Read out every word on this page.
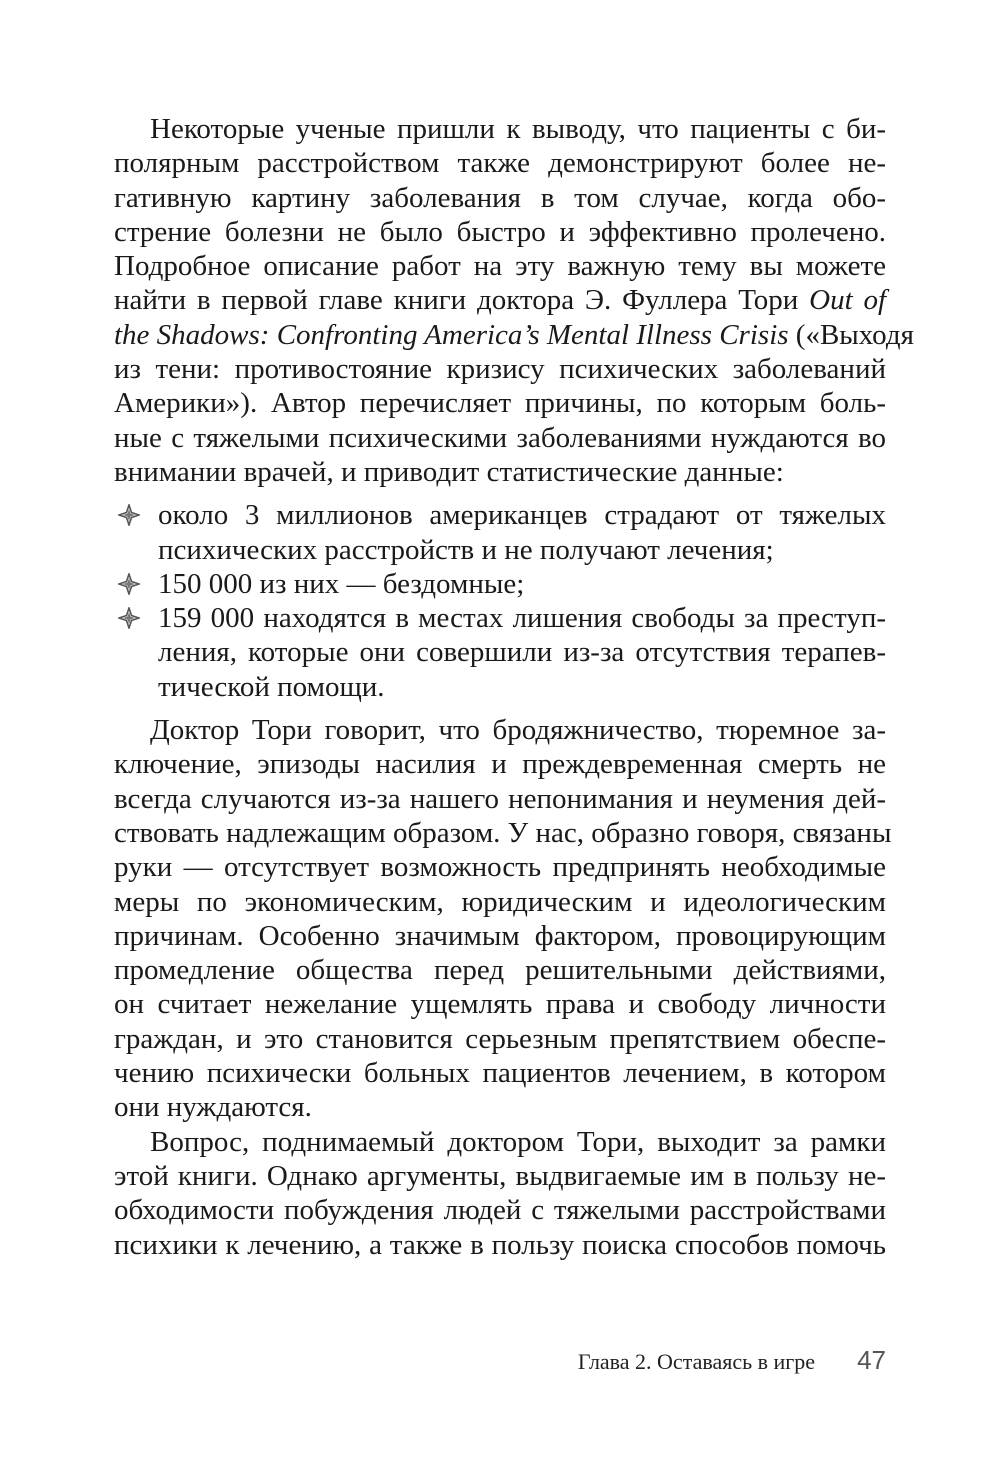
Некоторые ученые пришли к выводу, что пациенты с би-
полярным расстройством также демонстрируют более не-
гативную картину заболевания в том случае, когда обо-
стрение болезни не было быстро и эффективно пролечено.
Подробное описание работ на эту важную тему вы можете
найти в первой главе книги доктора Э. Фуллера Тори Out of
the Shadows: Confronting America’s Mental Illness Crisis («Выходя
из тени: противостояние кризису психических заболеваний
Америки»). Автор перечисляет причины, по которым боль-
ные с тяжелыми психическими заболеваниями нуждаются во
внимании врачей, и приводит статистические данные:
около 3 миллионов американцев страдают от тяжелых
психических расстройств и не получают лечения;
150 000 из них — бездомные;
159 000 находятся в местах лишения свободы за преступ-
ления, которые они совершили из-за отсутствия терапев-
тической помощи.
Доктор Тори говорит, что бродяжничество, тюремное за-
ключение, эпизоды насилия и преждевременная смерть не
всегда случаются из-за нашего непонимания и неумения дей-
ствовать надлежащим образом. У нас, образно говоря, связаны
руки — отсутствует возможность предпринять необходимые
меры по экономическим, юридическим и идеологическим
причинам. Особенно значимым фактором, провоцирующим
промедление общества перед решительными действиями,
он считает нежелание ущемлять права и свободу личности
граждан, и это становится серьезным препятствием обеспе-
чению психически больных пациентов лечением, в котором
они нуждаются.
Вопрос, поднимаемый доктором Тори, выходит за рамки
этой книги. Однако аргументы, выдвигаемые им в пользу не-
обходимости побуждения людей с тяжелыми расстройствами
психики к лечению, а также в пользу поиска способов помочь
Глава 2. Оставаясь в игре 47
